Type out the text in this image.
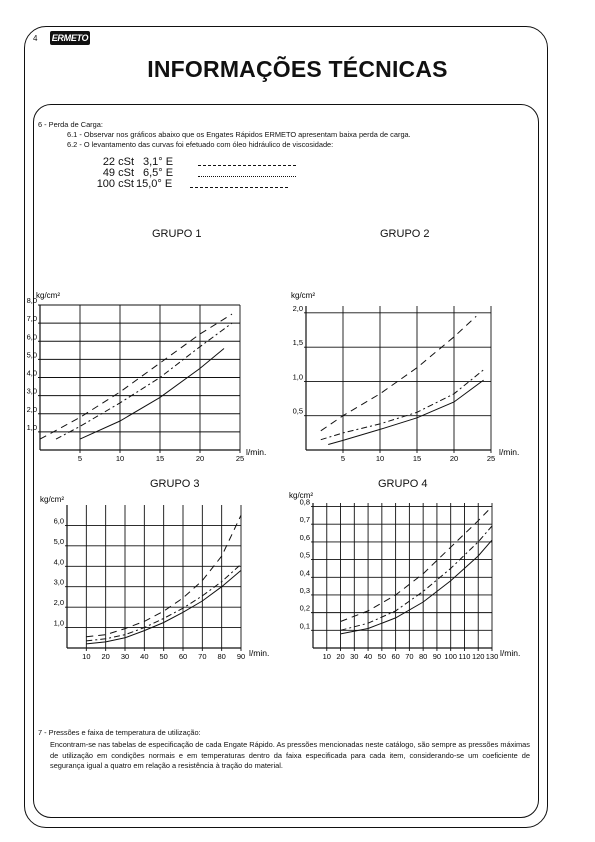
4 ERMETO
INFORMAÇÕES TÉCNICAS
6 - Perda de Carga:
6.1 - Observar nos gráficos abaixo que os Engates Rápidos ERMETO apresentam baixa perda de carga.
6.2 - O levantamento das curvas foi efetuado com óleo hidráulico de viscosidade:
22 cSt 3,1° E
49 cSt 6,5° E
100 cSt 15,0° E
GRUPO 1	GRUPO 2
GRUPO 3	GRUPO 4
5	10	15	20	25
1,0
2,0
3,0
4,0
5,0
6,0
7,0
8,0
kg/cm²
l/min.
5	10	15	20	25
0,5
1,0
1,5
2,0
kg/cm²
l/min.
10 20 30 40 50 60 70 80 90
1,0
2,0
3,0
4,0
5,0
6,0
kg/cm²
l/min.	10 20 30 40 50 60 70 80 90 100 110 120 130
0,1
0,2
0,3
0,4
0,5
0,6
0,7
0,8
kg/cm²
l/min.
7 - Pressões e faixa de temperatura de utilização:
Encontram-se nas tabelas de especificação de cada Engate Rápido. As pressões mencionadas neste catálogo, são sempre as pressões máximas de utilização em condições normais e em temperaturas dentro da faixa especificada para cada item, considerando-se um coeficiente de segurança igual a quatro em relação a resistência à tração do material.
